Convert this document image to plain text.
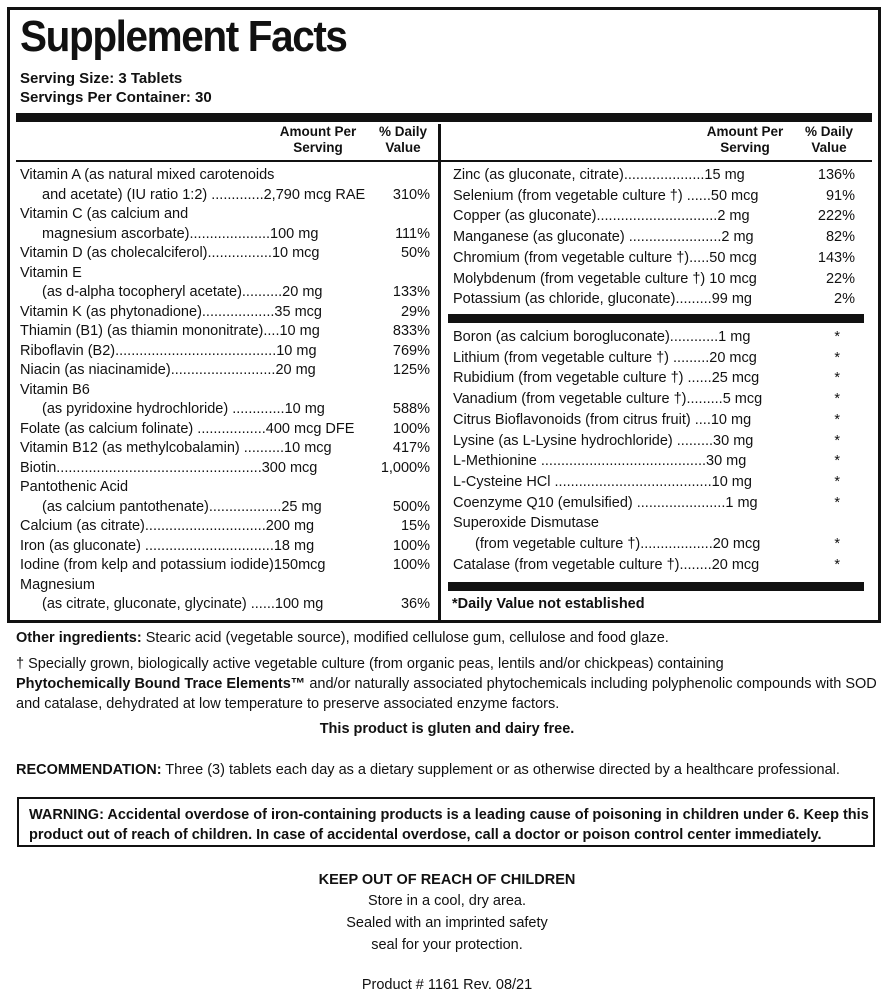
Supplement Facts
Serving Size: 3 Tablets
Servings Per Container: 30
Amount Per
Serving
% Daily
Value
Amount Per
Serving
% Daily
Value
Vitamin A (as natural mixed carotenoids
and acetate) (IU ratio 1:2) .............2,790 mcg RAE	310%
Vitamin C (as calcium and
magnesium ascorbate)....................100 mg	111%
Vitamin D (as cholecalciferol)................10 mcg	50%
Vitamin E
(as d-alpha tocopheryl acetate)..........20 mg	133%
Vitamin K (as phytonadione)..................35 mcg	29%
Thiamin (B1) (as thiamin mononitrate)....10 mg	833%
Riboflavin (B2)........................................10 mg	769%
Niacin (as niacinamide)..........................20 mg	125%
Vitamin B6
(as pyridoxine hydrochloride) .............10 mg	588%
Folate (as calcium folinate) .................400 mcg DFE	100%
Vitamin B12 (as methylcobalamin) ..........10 mcg	417%
Biotin...................................................300 mcg	1,000%
Pantothenic Acid
(as calcium pantothenate)..................25 mg	500%
Calcium (as citrate)..............................200 mg	15%
Iron (as gluconate) ................................18 mg	100%
Iodine (from kelp and potassium iodide)150mcg	100%
Magnesium
(as citrate, gluconate, glycinate) ......100 mg	36%
Zinc (as gluconate, citrate)....................15 mg	136%
Selenium (from vegetable culture †) ......50 mcg	91%
Copper (as gluconate)..............................2 mg	222%
Manganese (as gluconate) .......................2 mg	82%
Chromium (from vegetable culture †).....50 mcg	143%
Molybdenum (from vegetable culture †) 10 mcg	22%
Potassium (as chloride, gluconate).........99 mg	2%
Boron (as calcium borogluconate)............1 mg	*
Lithium (from vegetable culture †) .........20 mcg	*
Rubidium (from vegetable culture †) ......25 mcg	*
Vanadium (from vegetable culture †).........5 mcg	*
Citrus Bioflavonoids (from citrus fruit) ....10 mg	*
Lysine (as L-Lysine hydrochloride) .........30 mg	*
L-Methionine .........................................30 mg	*
L-Cysteine HCl .......................................10 mg	*
Coenzyme Q10 (emulsified) ......................1 mg	*
Superoxide Dismutase
(from vegetable culture †)..................20 mcg	*
Catalase (from vegetable culture †)........20 mcg	*
*Daily Value not established
Other ingredients: Stearic acid (vegetable source), modified cellulose gum, cellulose and food glaze.
† Specially grown, biologically active vegetable culture (from organic peas, lentils and/or chickpeas) containing
Phytochemically Bound Trace Elements™ and/or naturally associated phytochemicals including polyphenolic compounds with SOD and catalase, dehydrated at low temperature to preserve associated enzyme factors.
This product is gluten and dairy free.
RECOMMENDATION: Three (3) tablets each day as a dietary supplement or as otherwise directed by a healthcare professional.
WARNING: Accidental overdose of iron-containing products is a leading cause of poisoning in children under 6. Keep this product out of reach of children. In case of accidental overdose, call a doctor or poison control center immediately.
KEEP OUT OF REACH OF CHILDREN
Store in a cool, dry area.
Sealed with an imprinted safety
seal for your protection.
Product # 1161 Rev. 08/21
